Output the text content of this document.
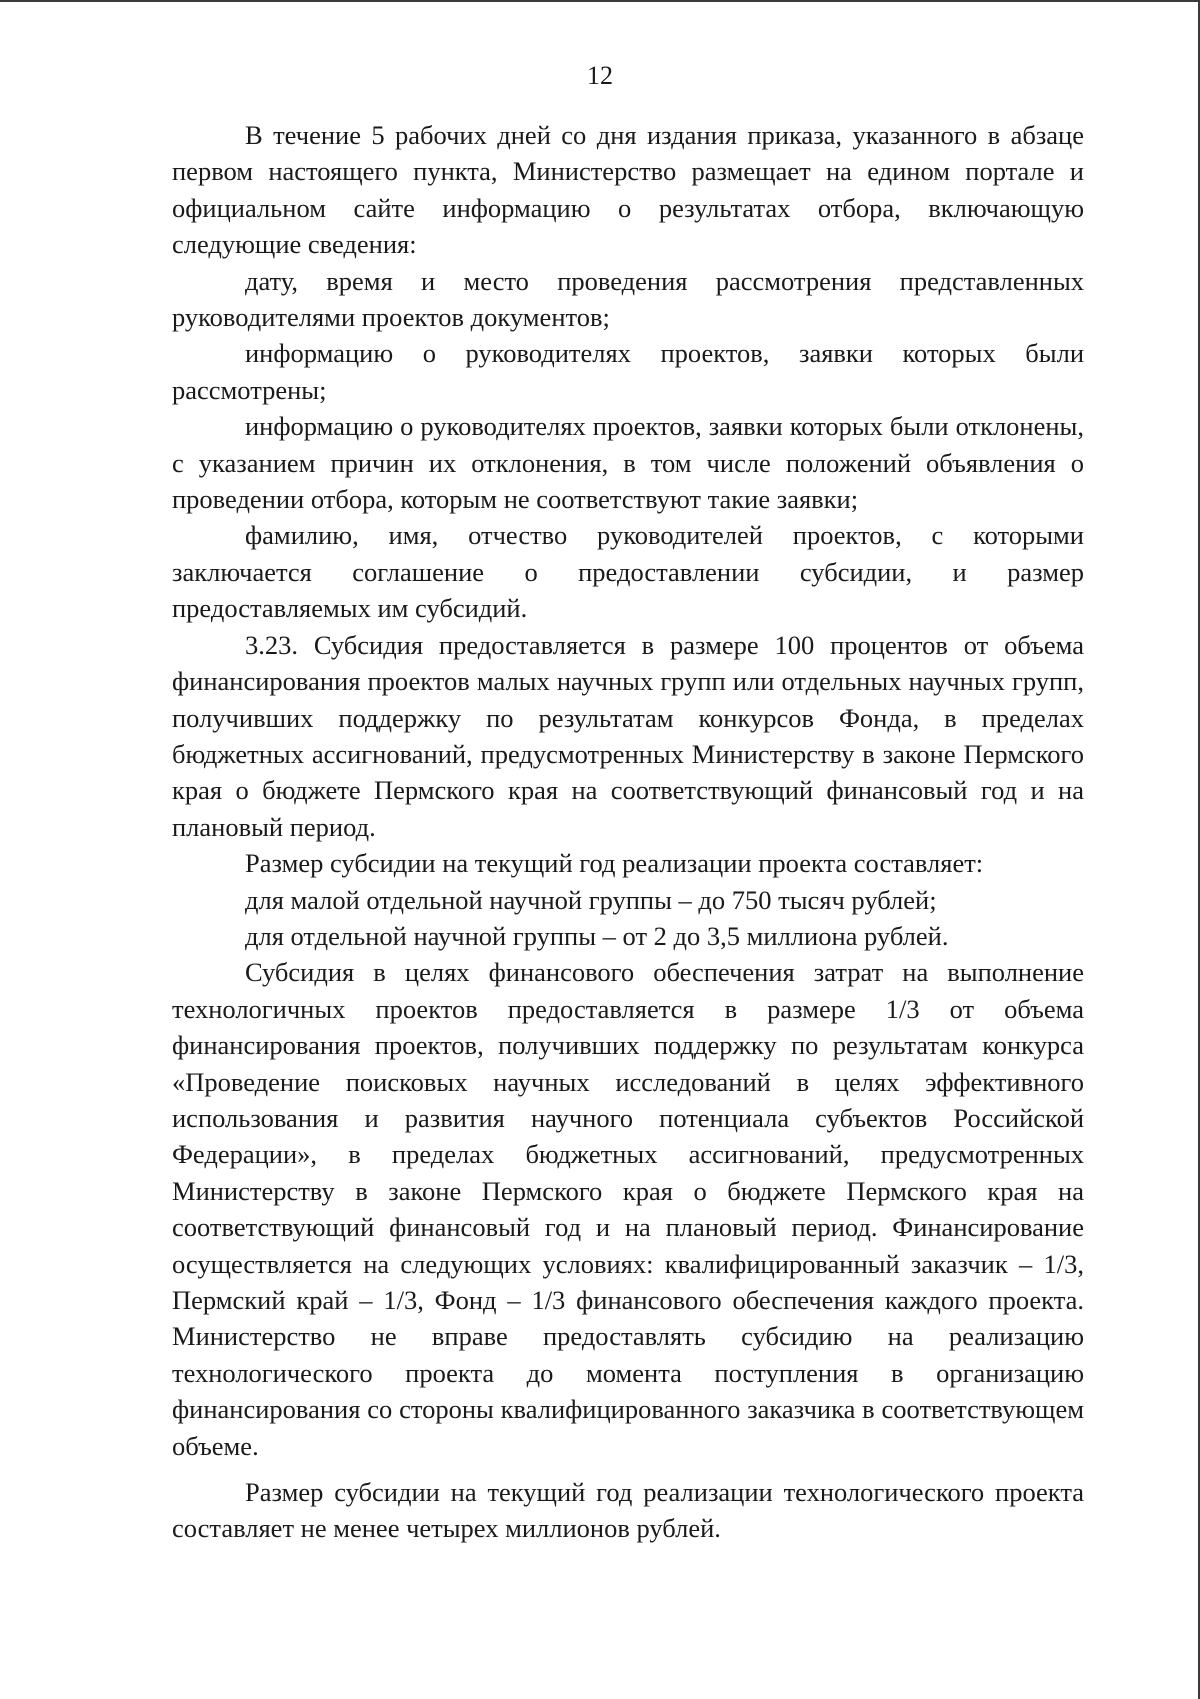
12

В течение 5 рабочих дней со дня издания приказа, указанного в абзаце первом настоящего пункта, Министерство размещает на едином портале и официальном сайте информацию о результатах отбора, включающую следующие сведения:

дату, время и место проведения рассмотрения представленных руководителями проектов документов;

информацию о руководителях проектов, заявки которых были рассмотрены;

информацию о руководителях проектов, заявки которых были отклонены, с указанием причин их отклонения, в том числе положений объявления о проведении отбора, которым не соответствуют такие заявки;

фамилию, имя, отчество руководителей проектов, с которыми заключается соглашение о предоставлении субсидии, и размер предоставляемых им субсидий.

3.23. Субсидия предоставляется в размере 100 процентов от объема финансирования проектов малых научных групп или отдельных научных групп, получивших поддержку по результатам конкурсов Фонда, в пределах бюджетных ассигнований, предусмотренных Министерству в законе Пермского края о бюджете Пермского края на соответствующий финансовый год и на плановый период.

Размер субсидии на текущий год реализации проекта составляет:

для малой отдельной научной группы – до 750 тысяч рублей;

для отдельной научной группы – от 2 до 3,5 миллиона рублей.

Субсидия в целях финансового обеспечения затрат на выполнение технологичных проектов предоставляется в размере 1/3 от объема финансирования проектов, получивших поддержку по результатам конкурса «Проведение поисковых научных исследований в целях эффективного использования и развития научного потенциала субъектов Российской Федерации», в пределах бюджетных ассигнований, предусмотренных Министерству в законе Пермского края о бюджете Пермского края на соответствующий финансовый год и на плановый период. Финансирование осуществляется на следующих условиях: квалифицированный заказчик – 1/3, Пермский край – 1/3, Фонд – 1/3 финансового обеспечения каждого проекта. Министерство не вправе предоставлять субсидию на реализацию технологического проекта до момента поступления в организацию финансирования со стороны квалифицированного заказчика в соответствующем объеме.

Размер субсидии на текущий год реализации технологического проекта составляет не менее четырех миллионов рублей.
